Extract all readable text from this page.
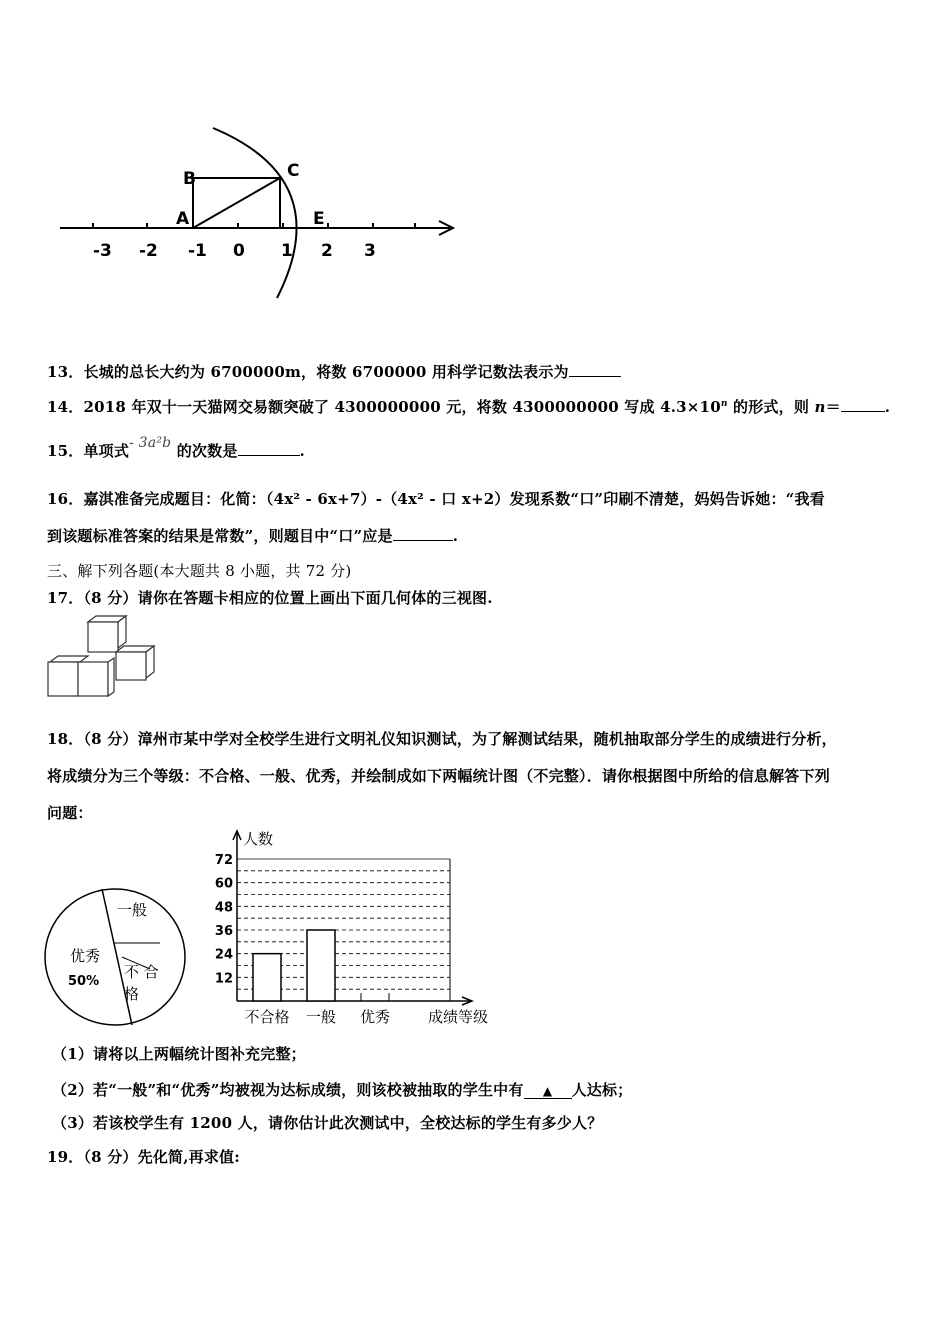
B	C
A	E
-3 -2 -1 0 1 2 3
13．长城的总长大约为 6700000m，将数 6700000 用科学记数法表示为
14．2018 年双十一天猫网交易额突破了 4300000000 元，将数 4300000000 写成 $4.3\times 10^n$ 的形式，则 n＝	.
15．单项式- 3a²b 的次数是	.
16．嘉淇准备完成题目：化简：（4x² - 6x+7）-（4x² - 口 x+2）发现系数“口”印刷不清楚，妈妈告诉她：“我看
到该题标准答案的结果是常数”，则题目中“口”应是	.
三、解下列各题(本大题共 8 小题，共 72 分)
17．（8 分）请你在答题卡相应的位置上画出下面几何体的三视图.
18．（8 分）漳州市某中学对全校学生进行文明礼仪知识测试，为了解测试结果，随机抽取部分学生的成绩进行分析，
将成绩分为三个等级：不合格、一般、优秀，并绘制成如下两幅统计图（不完整）．请你根据图中所给的信息解答下列
问题：
一般
优秀
50%
不 合
格
12
24
36
48
60
72
人数
不合格 一般 优秀	成绩等级
（1）请将以上两幅统计图补充完整；
（2）若“一般”和“优秀”均被视为达标成绩，则该校被抽取的学生中有 ▲ 人达标；
（3）若该校学生有 1200 人，请你估计此次测试中，全校达标的学生有多少人？
19．（8 分）先化简,再求值:
